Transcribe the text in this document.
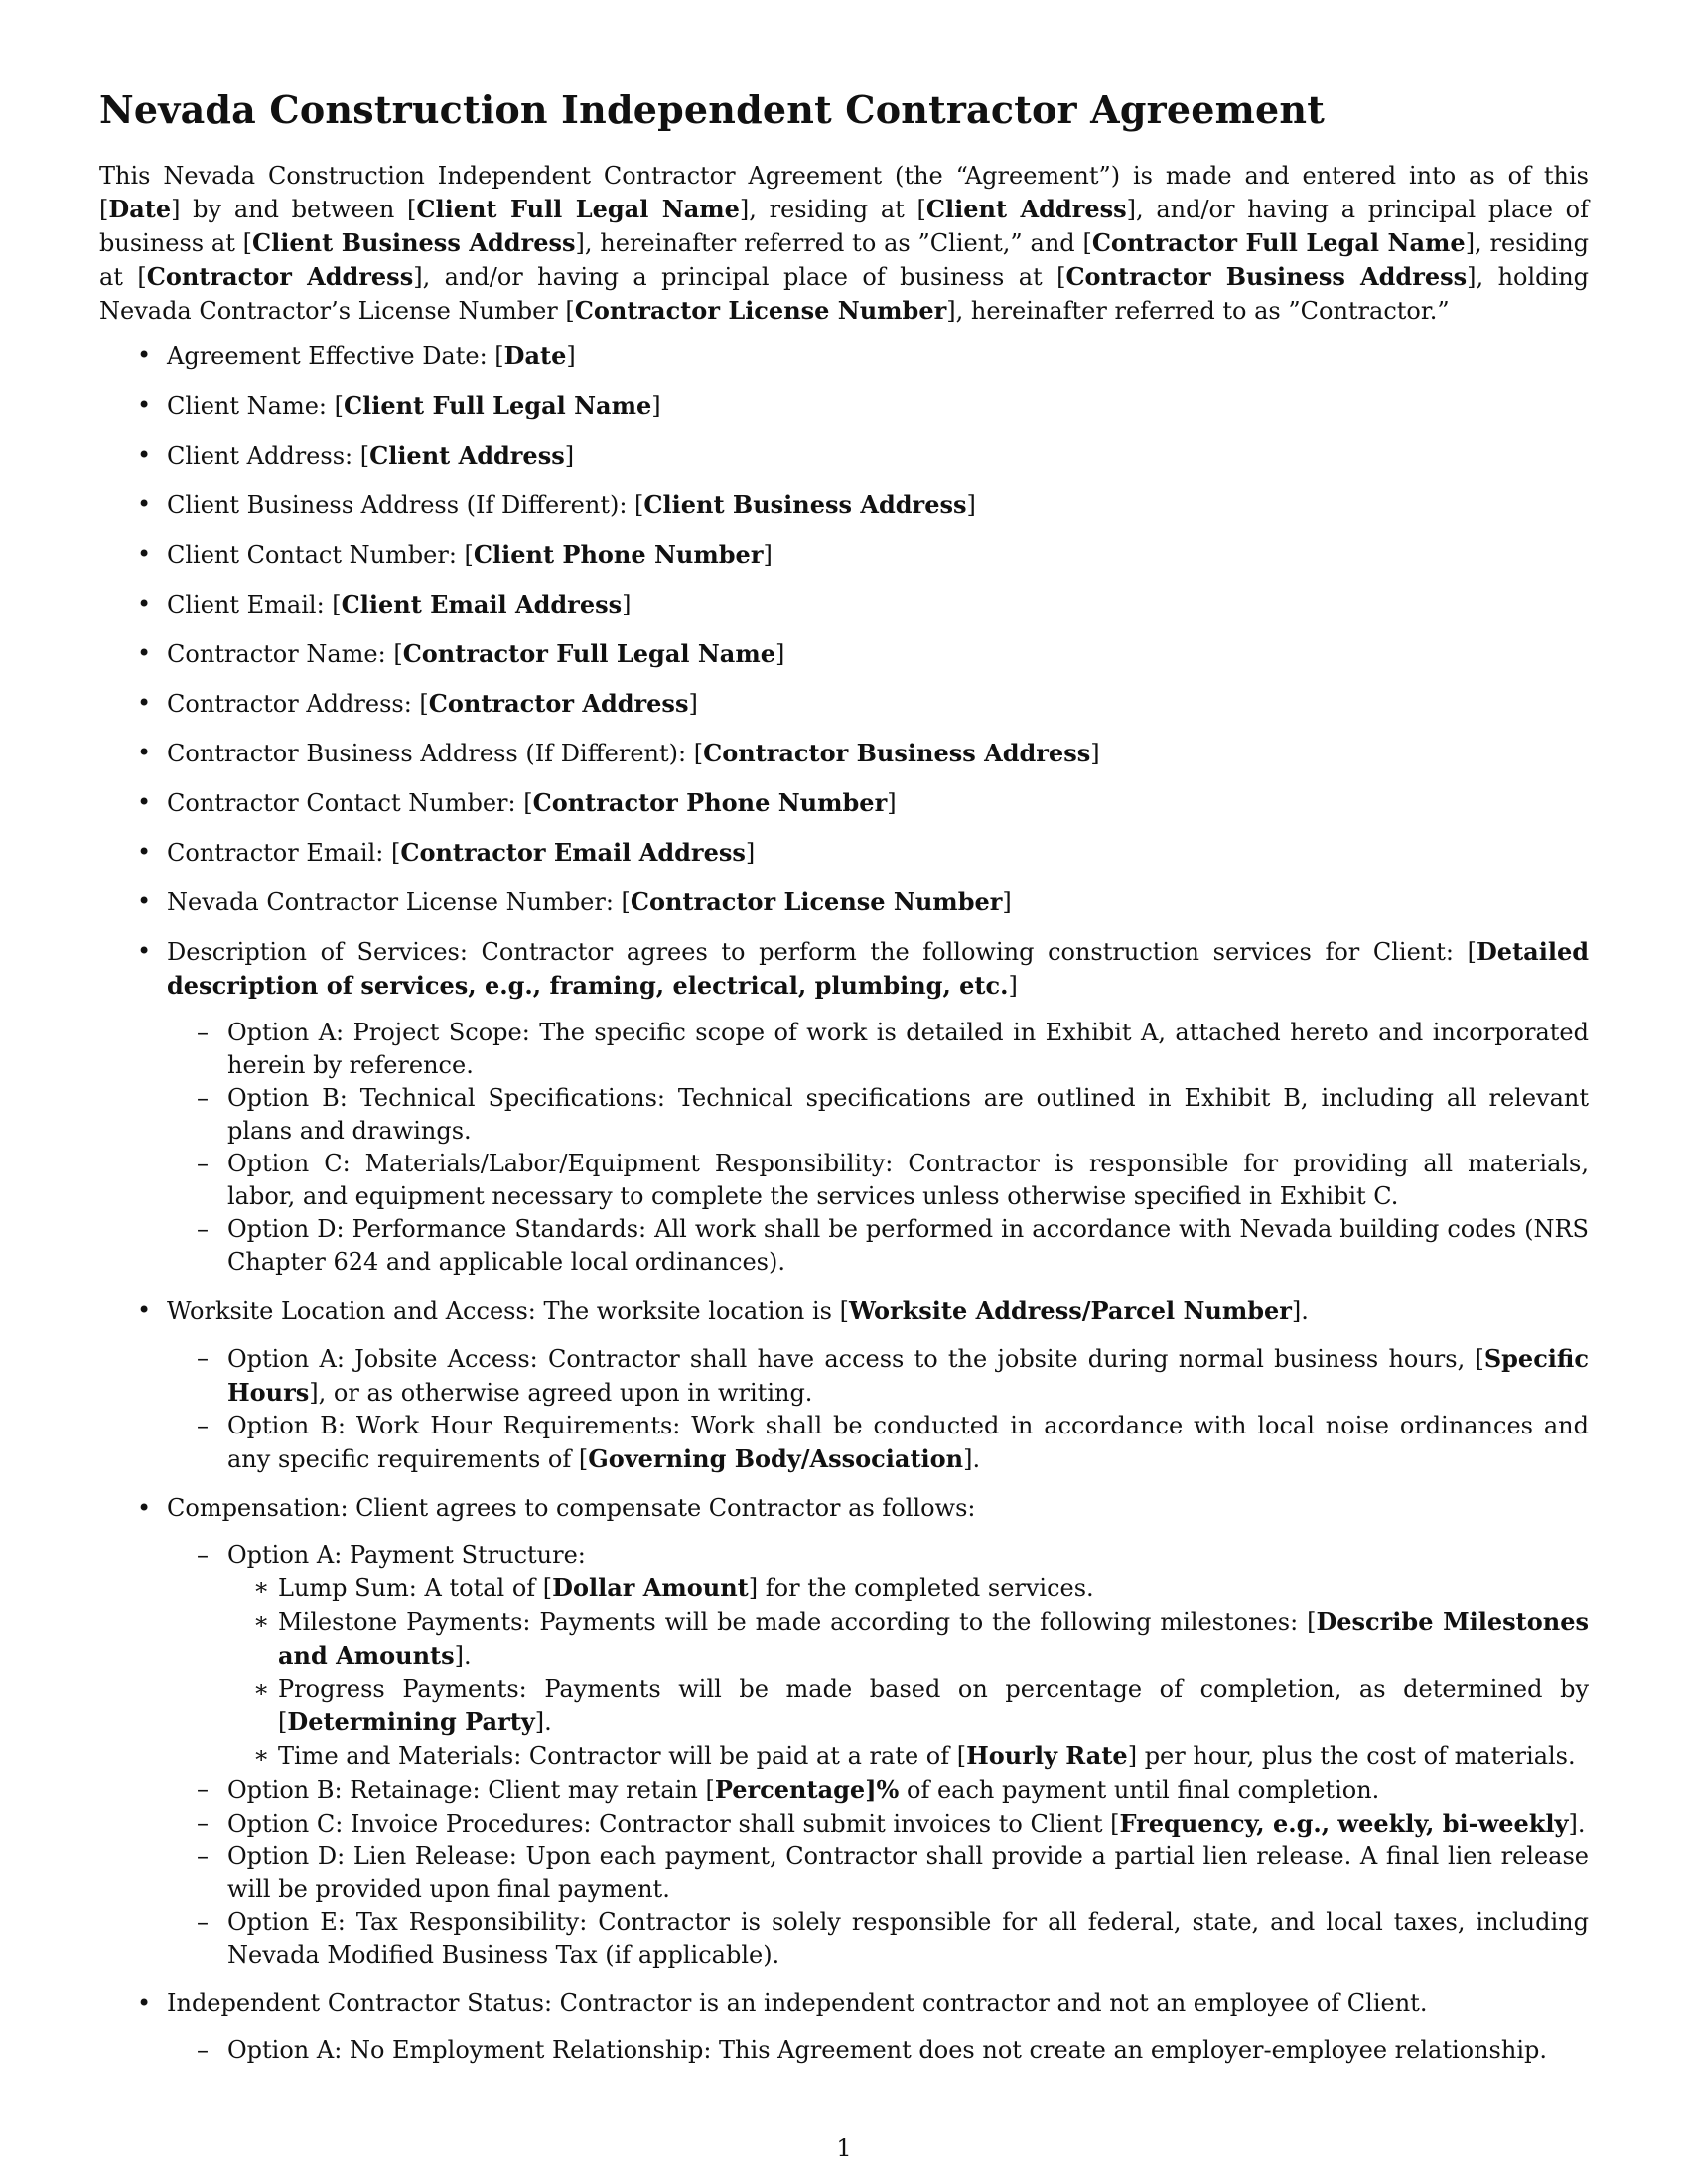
Nevada Construction Independent Contractor Agreement

This Nevada Construction Independent Contractor Agreement (the “Agreement”) is made and entered into as of this [Date] by and between [Client Full Legal Name], residing at [Client Address], and/or having a principal place of business at [Client Business Address], hereinafter referred to as ”Client,” and [Contractor Full Legal Name], residing at [Contractor Address], and/or having a principal place of business at [Contractor Business Address], holding Nevada Contractor’s License Number [Contractor License Number], hereinafter referred to as ”Contractor.”

• Agreement Effective Date: [Date]
• Client Name: [Client Full Legal Name]
• Client Address: [Client Address]
• Client Business Address (If Different): [Client Business Address]
• Client Contact Number: [Client Phone Number]
• Client Email: [Client Email Address]
• Contractor Name: [Contractor Full Legal Name]
• Contractor Address: [Contractor Address]
• Contractor Business Address (If Different): [Contractor Business Address]
• Contractor Contact Number: [Contractor Phone Number]
• Contractor Email: [Contractor Email Address]
• Nevada Contractor License Number: [Contractor License Number]
• Description of Services: Contractor agrees to perform the following construction services for Client: [Detailed description of services, e.g., framing, electrical, plumbing, etc.]
– Option A: Project Scope: The specific scope of work is detailed in Exhibit A, attached hereto and incorporated herein by reference.
– Option B: Technical Specifications: Technical specifications are outlined in Exhibit B, including all relevant plans and drawings.
– Option C: Materials/Labor/Equipment Responsibility: Contractor is responsible for providing all materials, labor, and equipment necessary to complete the services unless otherwise specified in Exhibit C.
– Option D: Performance Standards: All work shall be performed in accordance with Nevada building codes (NRS Chapter 624 and applicable local ordinances).
• Worksite Location and Access: The worksite location is [Worksite Address/Parcel Number].
– Option A: Jobsite Access: Contractor shall have access to the jobsite during normal business hours, [Specific Hours], or as otherwise agreed upon in writing.
– Option B: Work Hour Requirements: Work shall be conducted in accordance with local noise ordinances and any specific requirements of [Governing Body/Association].
• Compensation: Client agrees to compensate Contractor as follows:
– Option A: Payment Structure:
∗ Lump Sum: A total of [Dollar Amount] for the completed services.
∗ Milestone Payments: Payments will be made according to the following milestones: [Describe Milestones and Amounts].
∗ Progress Payments: Payments will be made based on percentage of completion, as determined by [Determining Party].
∗ Time and Materials: Contractor will be paid at a rate of [Hourly Rate] per hour, plus the cost of materials.
– Option B: Retainage: Client may retain [Percentage]% of each payment until final completion.
– Option C: Invoice Procedures: Contractor shall submit invoices to Client [Frequency, e.g., weekly, bi-weekly].
– Option D: Lien Release: Upon each payment, Contractor shall provide a partial lien release. A final lien release will be provided upon final payment.
– Option E: Tax Responsibility: Contractor is solely responsible for all federal, state, and local taxes, including Nevada Modified Business Tax (if applicable).
• Independent Contractor Status: Contractor is an independent contractor and not an employee of Client.
– Option A: No Employment Relationship: This Agreement does not create an employer-employee relationship.
1
